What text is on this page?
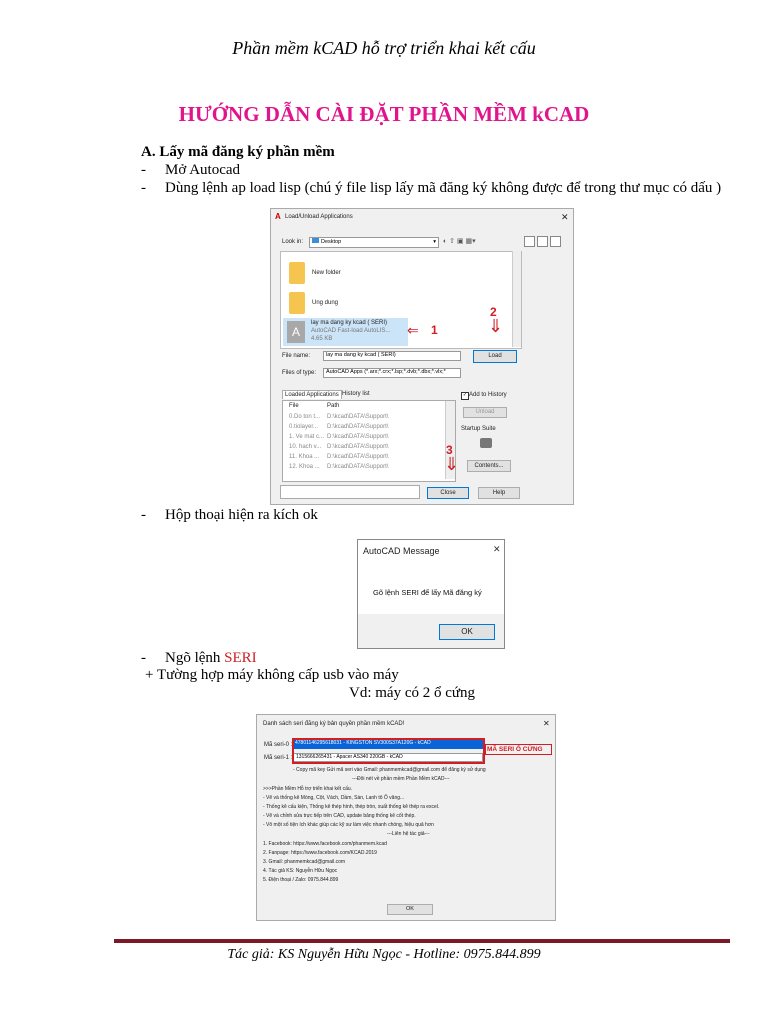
Phần mềm kCAD hỗ trợ triển khai kết cấu
HƯỚNG DẪN CÀI ĐẶT PHẦN MỀM kCAD
A. Lấy mã đăng ký phần mềm
- Mở Autocad
- Dùng lệnh ap load lisp (chú ý file lisp lấy mã đăng ký không được để trong thư mục có dấu )
A Load/Unload Applications	✕
Look in:	Desktop	▾ ◐ ⇧ ▣ ▦▾
New folder
Ung dung
A
lay ma dang ky kcad ( SERI)
AutoCAD Fast-load AutoLIS...
4.65 KB
⇐ 1
File name:	lay ma dang ky kcad ( SERI)
2
⇓
Load
Files of type:	AutoCAD Apps (*.arx;*.crx;*.lsp;*.dvb;*.dbx;*.vlx;*
Loaded Applications History list	✓ Add to History
File	Path
0.Do ton t... D:\kcad\DATA\Support\
0.tiolayer... D:\kcad\DATA\Support\
1. Ve mat c... D:\kcad\DATA\Support\
10. hach v... D:\kcad\DATA\Support\
11. Khoa ... D:\kcad\DATA\Support\
12. Khoa ... D:\kcad\DATA\Support\
Unload
Startup Suite
Contents...
3
⇓
Close	Help
- Hộp thoại hiện ra kích ok
AutoCAD Message	✕
Gõ lệnh SERI để lấy Mã đăng ký
OK
- Ngõ lệnh SERI
+ Tường hợp máy không cấp usb vào máy
Vd: máy có 2 ổ cứng
Danh sách seri đăng ký bản quyền phần mềm kCAD!	✕
Mã seri-0 : 47801146295618031 - KINGSTON SV300S37A120G - kCAD
Mã seri-1 : 1315666265431 - Apacer AS340 220GB - kCAD
MÃ SERI Ổ CỨNG
- Copy mã key Gửi mã seri vào Gmail: phanmemkcad@gmail.com để đăng ký sử dụng
---Đôi nét về phần mềm Phần Mềm kCAD---
>>>Phần Mềm Hỗ trợ triển khai kết cấu.
- Vẽ và thống kê Móng, Cột, Vách, Dầm, Sàn, Lanh tô Ô văng...
- Thống kê cấu kiện, Thống kê thép hình, thép tròn, xuất thống kê thép ra excel.
- Vẽ và chỉnh sửa trực tiếp trên CAD, update bảng thống kê cốt thép.
- Vô một số tiện ích khác giúp các kỹ sư làm việc nhanh chóng, hiệu quả hơn
---Liên hệ tác giả---
1. Facebook: https://www.facebook.com/phanmem.kcad
2. Fanpage: https://www.facebook.com/KCAD.2019
3. Gmail: phanmemkcad@gmail.com
4. Tác giả KS: Nguyễn Hữu Ngọc
5. Điện thoại / Zalo: 0975.844.899
OK
Tác giả: KS Nguyễn Hữu Ngọc - Hotline: 0975.844.899
